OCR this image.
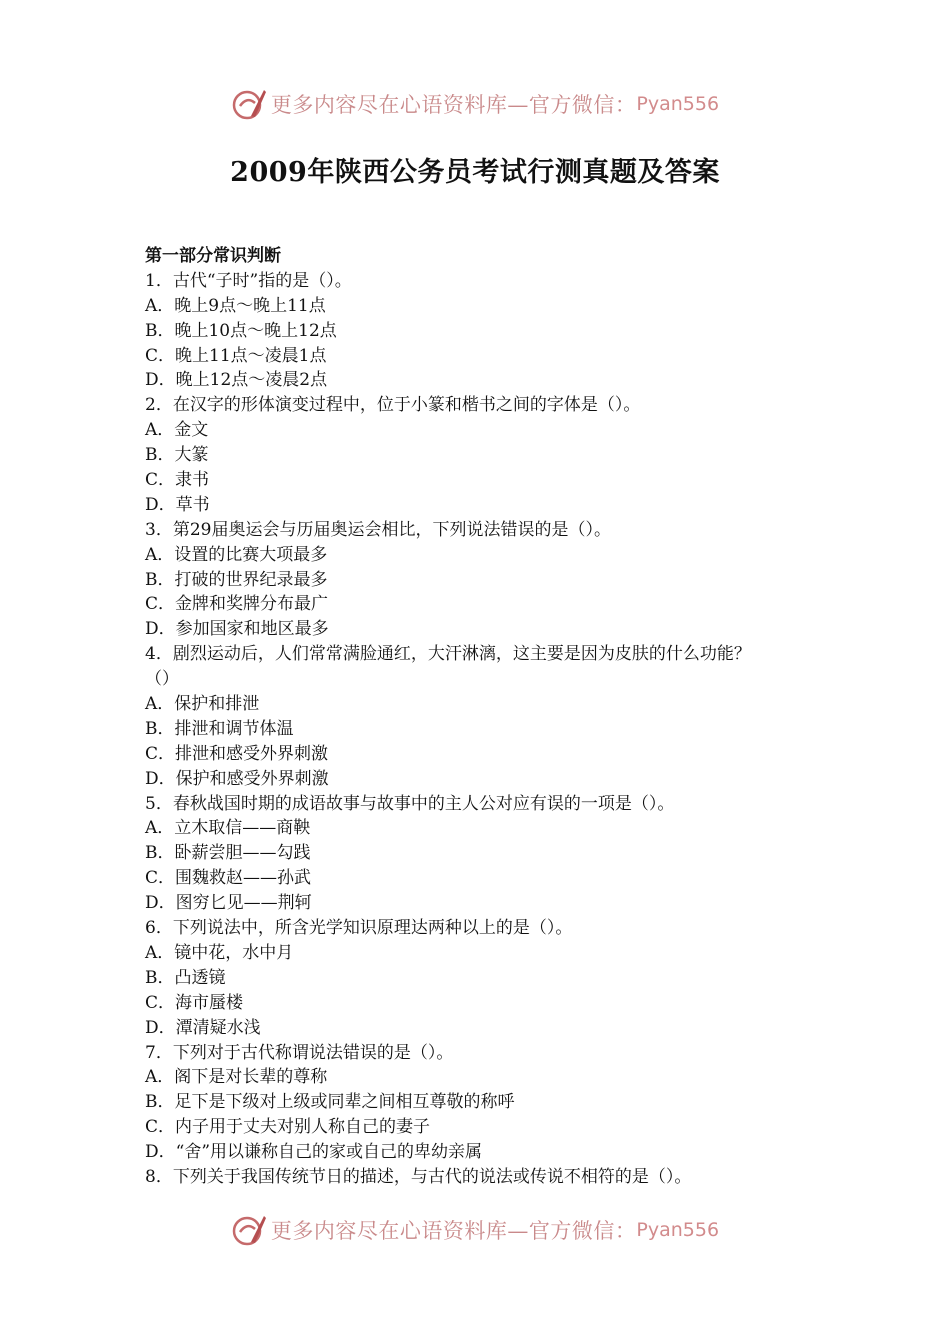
更多内容尽在心语资料库—官方微信： Pyan556
2009年陕西公务员考试行测真题及答案
第一部分常识判断
1．古代“子时”指的是（）。
A．晚上9点～晚上11点
B．晚上10点～晚上12点
C．晚上11点～凌晨1点
D．晚上12点～凌晨2点
2．在汉字的形体演变过程中，位于小篆和楷书之间的字体是（）。
A．金文
B．大篆
C．隶书
D．草书
3．第29届奥运会与历届奥运会相比，下列说法错误的是（）。
A．设置的比赛大项最多
B．打破的世界纪录最多
C．金牌和奖牌分布最广
D．参加国家和地区最多
4．剧烈运动后，人们常常满脸通红，大汗淋漓，这主要是因为皮肤的什么功能？
（）
A．保护和排泄
B．排泄和调节体温
C．排泄和感受外界刺激
D．保护和感受外界刺激
5．春秋战国时期的成语故事与故事中的主人公对应有误的一项是（）。
A．立木取信——商鞅
B．卧薪尝胆——勾践
C．围魏救赵——孙武
D．图穷匕见——荆轲
6．下列说法中，所含光学知识原理达两种以上的是（）。
A．镜中花，水中月
B．凸透镜
C．海市蜃楼
D．潭清疑水浅
7．下列对于古代称谓说法错误的是（）。
A．阁下是对长辈的尊称
B．足下是下级对上级或同辈之间相互尊敬的称呼
C．内子用于丈夫对别人称自己的妻子
D．“舍”用以谦称自己的家或自己的卑幼亲属
8．下列关于我国传统节日的描述，与古代的说法或传说不相符的是（）。
更多内容尽在心语资料库—官方微信： Pyan556
